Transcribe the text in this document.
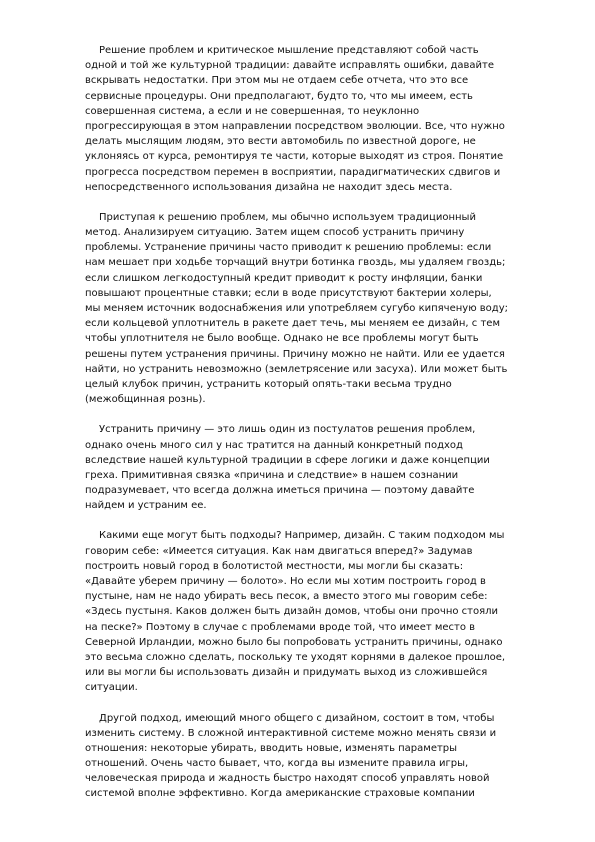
Решение проблем и критическое мышление представляют собой часть
одной и той же культурной традиции: давайте исправлять ошибки, давайте
вскрывать недостатки. При этом мы не отдаем себе отчета, что это все
сервисные процедуры. Они предполагают, будто то, что мы имеем, есть
совершенная система, а если и не совершенная, то неуклонно
прогрессирующая в этом направлении посредством эволюции. Все, что нужно
делать мыслящим людям, это вести автомобиль по известной дороге, не
уклоняясь от курса, ремонтируя те части, которые выходят из строя. Понятие
прогресса посредством перемен в восприятии, парадигматических сдвигов и
непосредственного использования дизайна не находит здесь места.
Приступая к решению проблем, мы обычно используем традиционный
метод. Анализируем ситуацию. Затем ищем способ устранить причину
проблемы. Устранение причины часто приводит к решению проблемы: если
нам мешает при ходьбе торчащий внутри ботинка гвоздь, мы удаляем гвоздь;
если слишком легкодоступный кредит приводит к росту инфляции, банки
повышают процентные ставки; если в воде присутствуют бактерии холеры,
мы меняем источник водоснабжения или употребляем сугубо кипяченую воду;
если кольцевой уплотнитель в ракете дает течь, мы меняем ее дизайн, с тем
чтобы уплотнителя не было вообще. Однако не все проблемы могут быть
решены путем устранения причины. Причину можно не найти. Или ее удается
найти, но устранить невозможно (землетрясение или засуха). Или может быть
целый клубок причин, устранить который опять-таки весьма трудно
(межобщинная рознь).
Устранить причину — это лишь один из постулатов решения проблем,
однако очень много сил у нас тратится на данный конкретный подход
вследствие нашей культурной традиции в сфере логики и даже концепции
греха. Примитивная связка «причина и следствие» в нашем сознании
подразумевает, что всегда должна иметься причина — поэтому давайте
найдем и устраним ее.
Какими еще могут быть подходы? Например, дизайн. С таким подходом мы
говорим себе: «Имеется ситуация. Как нам двигаться вперед?» Задумав
построить новый город в болотистой местности, мы могли бы сказать:
«Давайте уберем причину — болото». Но если мы хотим построить город в
пустыне, нам не надо убирать весь песок, а вместо этого мы говорим себе:
«Здесь пустыня. Каков должен быть дизайн домов, чтобы они прочно стояли
на песке?» Поэтому в случае с проблемами вроде той, что имеет место в
Северной Ирландии, можно было бы попробовать устранить причины, однако
это весьма сложно сделать, поскольку те уходят корнями в далекое прошлое,
или вы могли бы использовать дизайн и придумать выход из сложившейся
ситуации.
Другой подход, имеющий много общего с дизайном, состоит в том, чтобы
изменить систему. В сложной интерактивной системе можно менять связи и
отношения: некоторые убирать, вводить новые, изменять параметры
отношений. Очень часто бывает, что, когда вы измените правила игры,
человеческая природа и жадность быстро находят способ управлять новой
системой вполне эффективно. Когда американские страховые компании
